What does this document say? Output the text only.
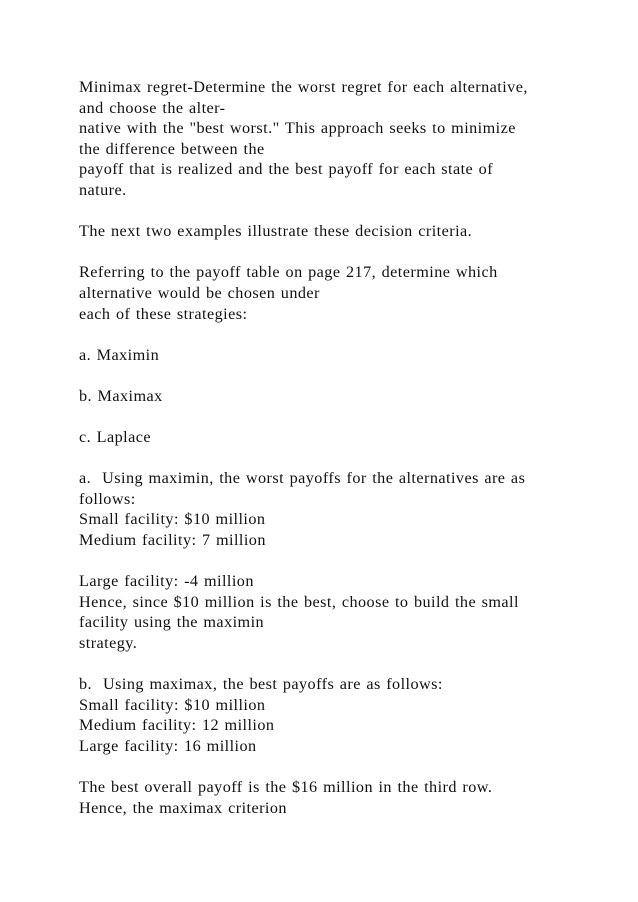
Minimax regret-Determine the worst regret for each alternative,
and choose the alter-
native with the "best worst." This approach seeks to minimize
the difference between the
payoff that is realized and the best payoff for each state of
nature.
The next two examples illustrate these decision criteria.
Referring to the payoff table on page 217, determine which
alternative would be chosen under
each of these strategies:
a. Maximin
b. Maximax
c. Laplace
a.  Using maximin, the worst payoffs for the alternatives are as
follows:
Small facility: $10 million
Medium facility: 7 million
Large facility: -4 million
Hence, since $10 million is the best, choose to build the small
facility using the maximin
strategy.
b.  Using maximax, the best payoffs are as follows:
Small facility: $10 million
Medium facility: 12 million
Large facility: 16 million
The best overall payoff is the $16 million in the third row.
Hence, the maximax criterion
